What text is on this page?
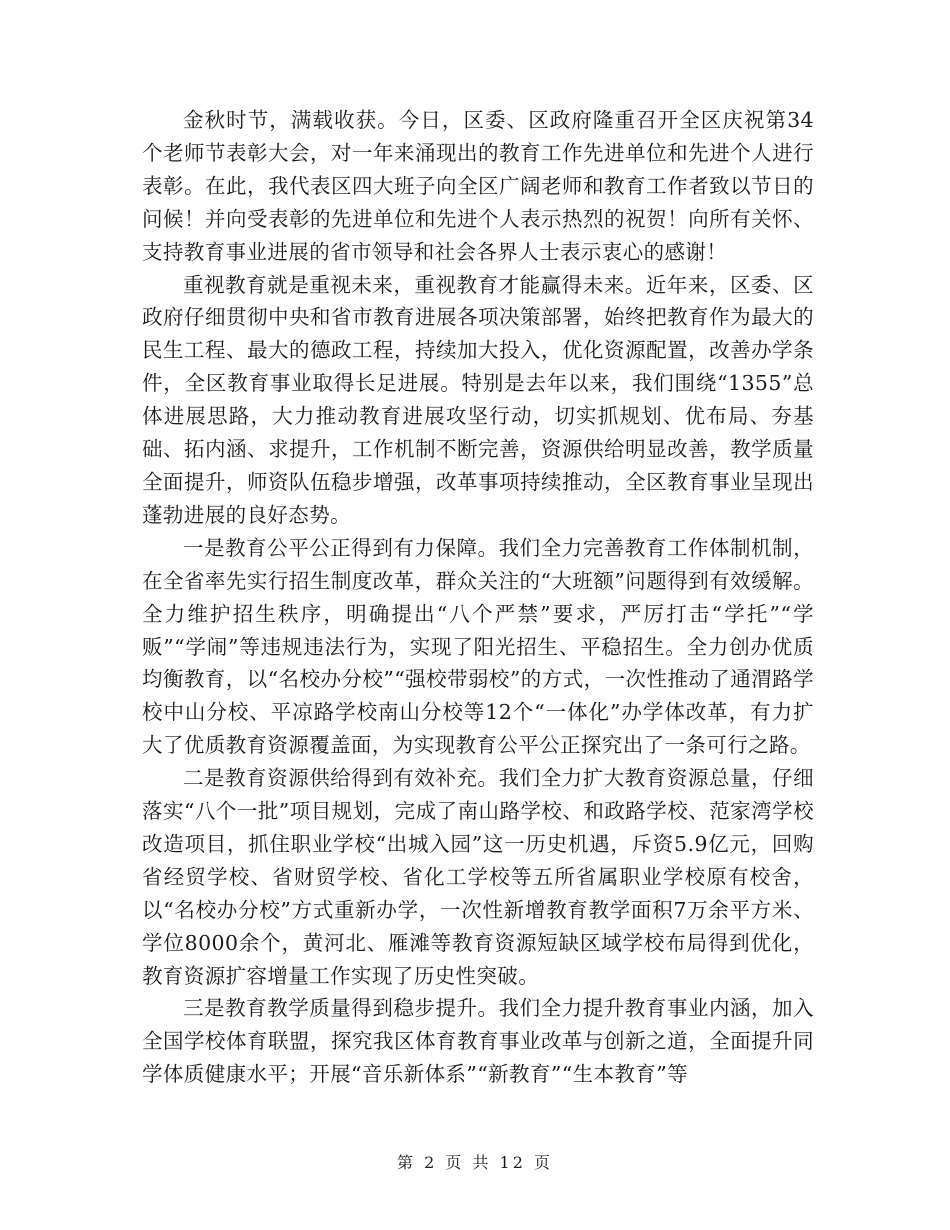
金秋时节，满载收获。今日，区委、区政府隆重召开全区庆祝第34个老师节表彰大会，对一年来涌现出的教育工作先进单位和先进个人进行表彰。在此，我代表区四大班子向全区广阔老师和教育工作者致以节日的问候！并向受表彰的先进单位和先进个人表示热烈的祝贺！向所有关怀、支持教育事业进展的省市领导和社会各界人士表示衷心的感谢！

重视教育就是重视未来，重视教育才能赢得未来。近年来，区委、区政府仔细贯彻中央和省市教育进展各项决策部署，始终把教育作为最大的民生工程、最大的德政工程，持续加大投入，优化资源配置，改善办学条件，全区教育事业取得长足进展。特别是去年以来，我们围绕“1355”总体进展思路，大力推动教育进展攻坚行动，切实抓规划、优布局、夯基础、拓内涵、求提升，工作机制不断完善，资源供给明显改善，教学质量全面提升，师资队伍稳步增强，改革事项持续推动，全区教育事业呈现出蓬勃进展的良好态势。

一是教育公平公正得到有力保障。我们全力完善教育工作体制机制，在全省率先实行招生制度改革，群众关注的“大班额”问题得到有效缓解。全力维护招生秩序，明确提出“八个严禁”要求，严厉打击“学托”“学贩”“学闹”等违规违法行为，实现了阳光招生、平稳招生。全力创办优质均衡教育，以“名校办分校”“强校带弱校”的方式，一次性推动了通渭路学校中山分校、平凉路学校南山分校等12个“一体化”办学体改革，有力扩大了优质教育资源覆盖面，为实现教育公平公正探究出了一条可行之路。

二是教育资源供给得到有效补充。我们全力扩大教育资源总量，仔细落实“八个一批”项目规划，完成了南山路学校、和政路学校、范家湾学校改造项目，抓住职业学校“出城入园”这一历史机遇，斥资5.9亿元，回购省经贸学校、省财贸学校、省化工学校等五所省属职业学校原有校舍，以“名校办分校”方式重新办学，一次性新增教育教学面积7万余平方米、学位8000余个，黄河北、雁滩等教育资源短缺区域学校布局得到优化，教育资源扩容增量工作实现了历史性突破。

三是教育教学质量得到稳步提升。我们全力提升教育事业内涵，加入全国学校体育联盟，探究我区体育教育事业改革与创新之道，全面提升同学体质健康水平；开展“音乐新体系”“新教育”“生本教育”等

第 2 页 共 12 页
